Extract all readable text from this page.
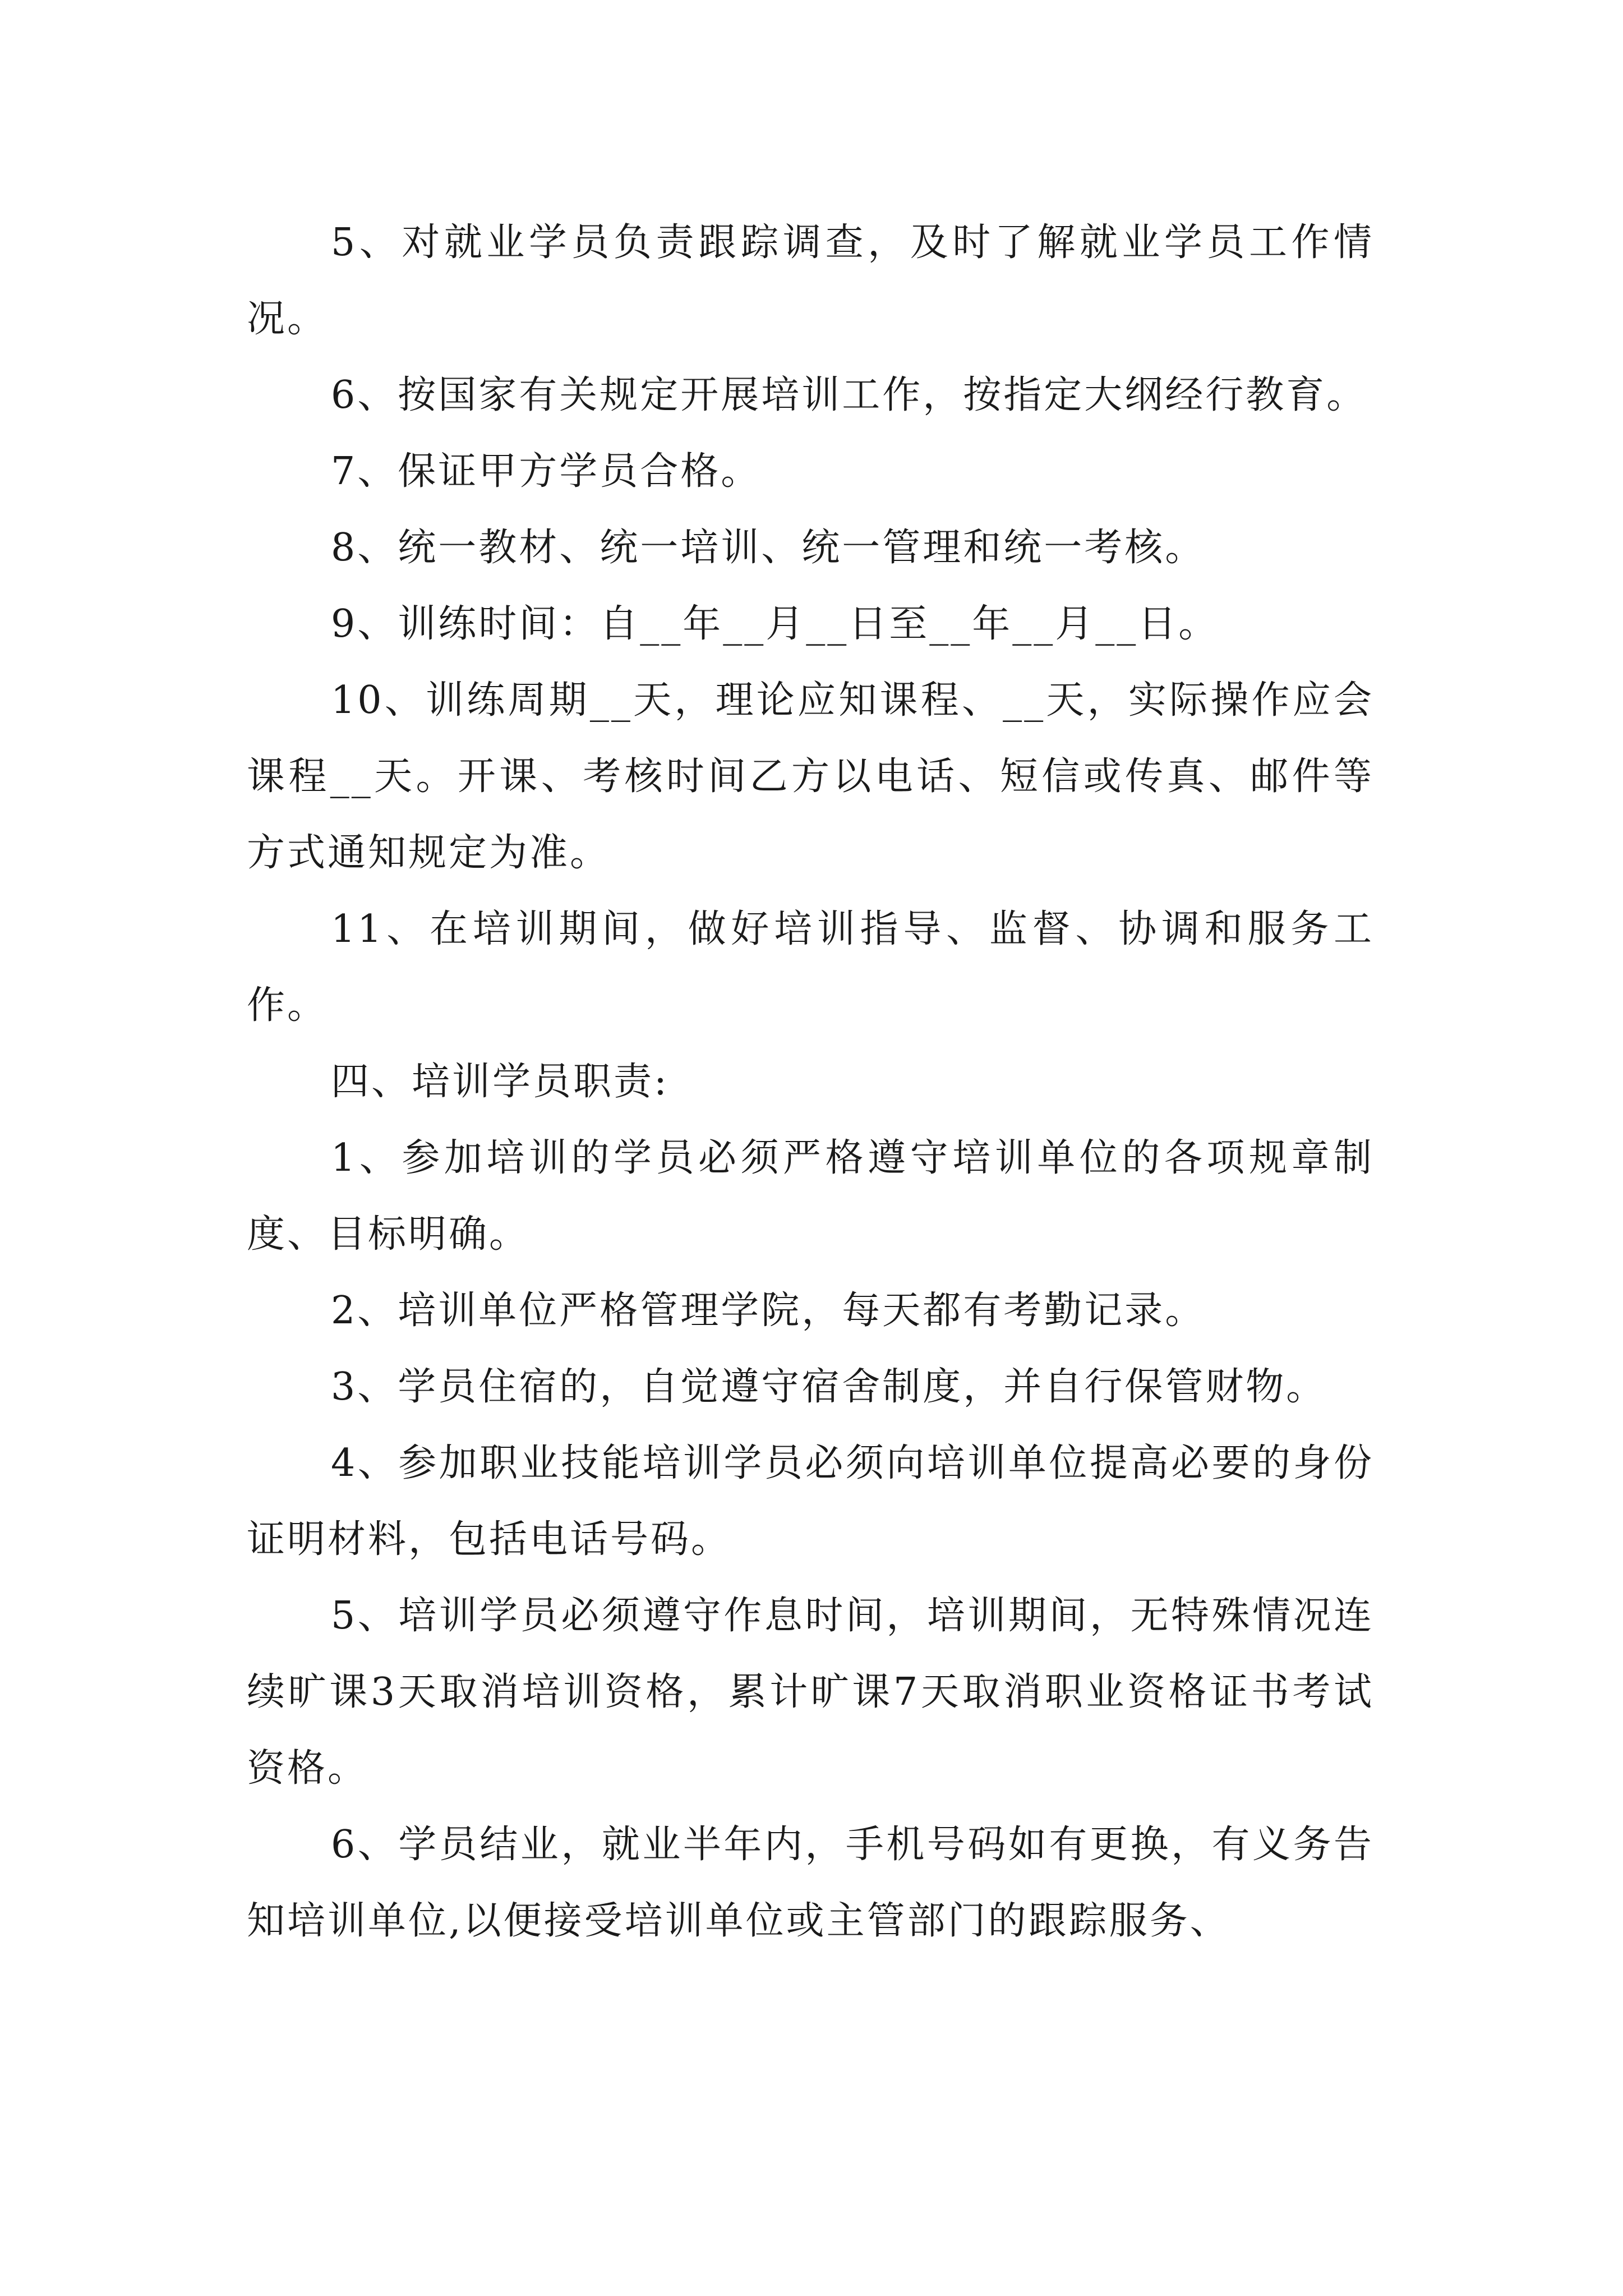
5、对就业学员负责跟踪调查，及时了解就业学员工作情况。

6、按国家有关规定开展培训工作，按指定大纲经行教育。

7、保证甲方学员合格。

8、统一教材、统一培训、统一管理和统一考核。

9、训练时间：自__年__月__日至__年__月__日。

10、训练周期__天，理论应知课程、__天，实际操作应会课程__天。开课、考核时间乙方以电话、短信或传真、邮件等方式通知规定为准。

11、在培训期间，做好培训指导、监督、协调和服务工作。

四、培训学员职责:

1、参加培训的学员必须严格遵守培训单位的各项规章制度、目标明确。

2、培训单位严格管理学院，每天都有考勤记录。

3、学员住宿的，自觉遵守宿舍制度，并自行保管财物。

4、参加职业技能培训学员必须向培训单位提高必要的身份证明材料，包括电话号码。

5、培训学员必须遵守作息时间，培训期间，无特殊情况连续旷课3天取消培训资格，累计旷课7天取消职业资格证书考试资格。

6、学员结业，就业半年内，手机号码如有更换，有义务告知培训单位,以便接受培训单位或主管部门的跟踪服务、
